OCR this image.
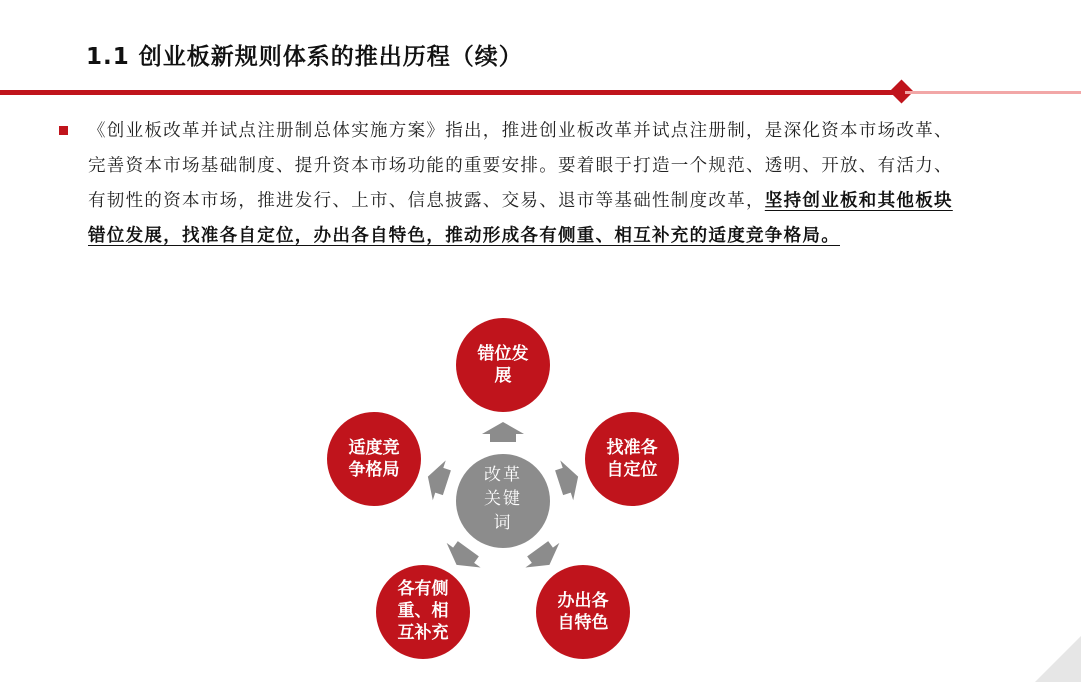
1.1 创业板新规则体系的推出历程（续）
《创业板改革并试点注册制总体实施方案》指出，推进创业板改革并试点注册制，是深化资本市场改革、完善资本市场基础制度、提升资本市场功能的重要安排。要着眼于打造一个规范、透明、开放、有活力、有韧性的资本市场，推进发行、上市、信息披露、交易、退市等基础性制度改革，坚持创业板和其他板块错位发展，找准各自定位，办出各自特色，推动形成各有侧重、相互补充的适度竞争格局。
改革
关键
词
错位发
展
找准各
自定位
办出各
自特色
各有侧
重、相
互补充
适度竞
争格局
